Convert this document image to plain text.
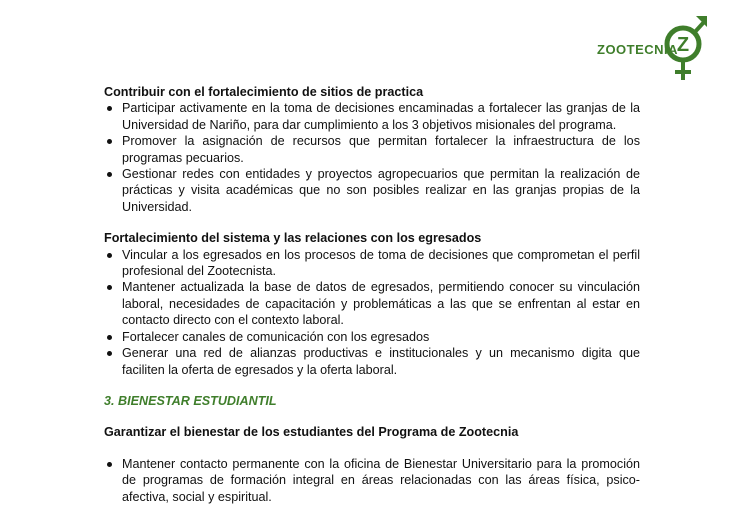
ZOOTECNIA
Z

Contribuir con el fortalecimiento de sitios de practica

Participar activamente en la toma de decisiones encaminadas a fortalecer las granjas de la Universidad de Nariño, para dar cumplimiento a los 3 objetivos misionales del programa.
Promover la asignación de recursos que permitan fortalecer la infraestructura de los programas pecuarios.
Gestionar redes con entidades y proyectos agropecuarios que permitan la realización de prácticas y visita académicas que no son posibles realizar en las granjas propias de la Universidad.

Fortalecimiento del sistema y las relaciones con los egresados

Vincular a los egresados en los procesos de toma de decisiones que comprometan el perfil profesional del Zootecnista.
Mantener actualizada la base de datos de egresados, permitiendo conocer su vinculación laboral, necesidades de capacitación y problemáticas a las que se enfrentan al estar en contacto directo con el contexto laboral.
Fortalecer canales de comunicación con los egresados
Generar una red de alianzas productivas e institucionales y un mecanismo digita que faciliten la oferta de egresados y la oferta laboral.

3. BIENESTAR ESTUDIANTIL

Garantizar el bienestar de los estudiantes del Programa de Zootecnia

Mantener contacto permanente con la oficina de Bienestar Universitario para la promoción de programas de formación integral en áreas relacionadas con las áreas física, psico-afectiva, social y espiritual.
